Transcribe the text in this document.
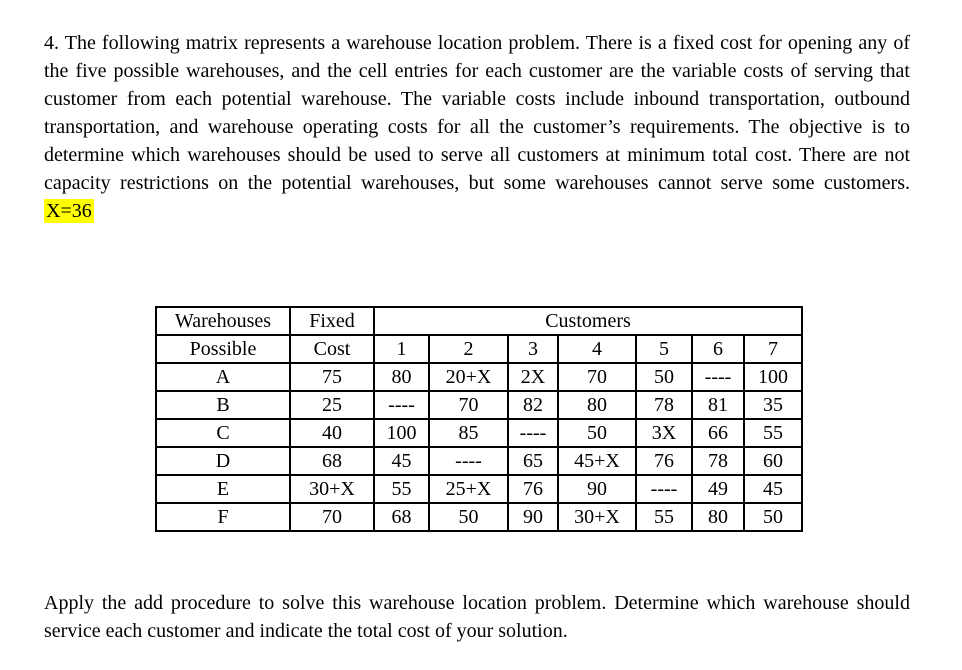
4. The following matrix represents a warehouse location problem. There is a fixed cost for opening any of the five possible warehouses, and the cell entries for each customer are the variable costs of serving that customer from each potential warehouse. The variable costs include inbound transportation, outbound transportation, and warehouse operating costs for all the customer’s requirements. The objective is to determine which warehouses should be used to serve all customers at minimum total cost. There are not capacity restrictions on the potential warehouses, but some warehouses cannot serve some customers. X=36

Warehouses	Fixed	Customers						
Possible	Cost	1	2	3	4	5	6	7
A	75	80	20+X	2X	70	50	----	100
B	25	----	70	82	80	78	81	35
C	40	100	85	----	50	3X	66	55
D	68	45	----	65	45+X	76	78	60
E	30+X	55	25+X	76	90	----	49	45
F	70	68	50	90	30+X	55	80	50

Apply the add procedure to solve this warehouse location problem. Determine which warehouse should service each customer and indicate the total cost of your solution.
